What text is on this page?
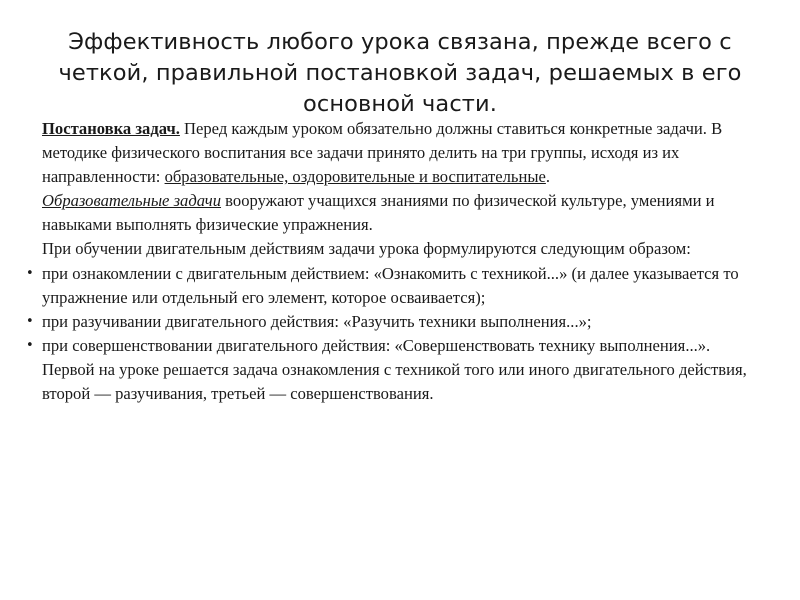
Эффективность любого урока связана, прежде всего с четкой, правильной постановкой задач, решаемых в его основной части.

Постановка задач. Перед каждым уроком обязательно должны ставиться конкретные задачи. В методике физического воспитания все задачи принято делить на три группы, исходя из их направленности: образовательные, оздоровительные и воспитательные.

Образовательные задачи вооружают учащихся знаниями по физической культуре, умениями и навыками выполнять физические упражнения.

При обучении двигательным действиям задачи урока формулируются следующим образом:

• при ознакомлении с двигательным действием: «Ознакомить с техникой...» (и далее указывается то упражнение или отдельный его элемент, которое осваивается);
• при разучивании двигательного действия: «Разучить техники выполнения...»;
• при совершенствовании двигательного действия: «Совершенствовать технику выполнения...».

Первой на уроке решается задача ознакомления с техникой того или иного двигательного действия, второй — разучивания, третьей — совершенствования.
